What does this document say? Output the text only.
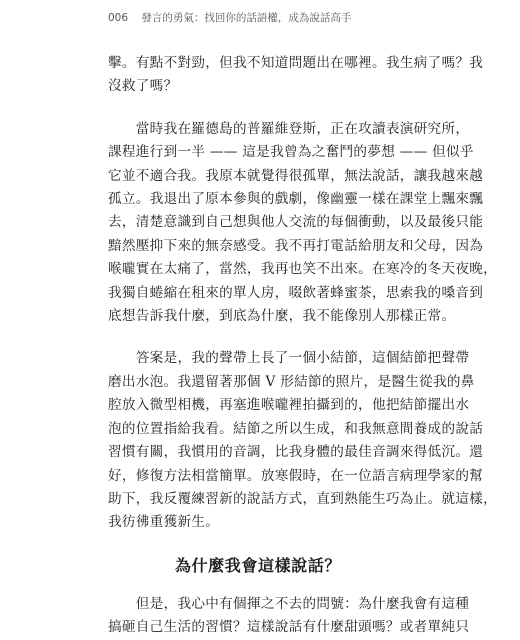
006 發言的勇氣：找回你的話語權，成為說話高手
擊。有點不對勁，但我不知道問題出在哪裡。我生病了嗎？我
沒救了嗎？
　　當時我在羅德島的普羅維登斯，正在攻讀表演研究所，
課程進行到一半 —— 這是我曾為之奮鬥的夢想 —— 但似乎
它並不適合我。我原本就覺得很孤單，無法說話，讓我越來越
孤立。我退出了原本參與的戲劇，像幽靈一樣在課堂上飄來飄
去，清楚意識到自己想與他人交流的每個衝動，以及最後只能
黯然壓抑下來的無奈感受。我不再打電話給朋友和父母，因為
喉嚨實在太痛了，當然，我再也笑不出來。在寒冷的冬天夜晚，
我獨自蜷縮在租來的單人房，啜飲著蜂蜜茶，思索我的嗓音到
底想告訴我什麼，到底為什麼，我不能像別人那樣正常。
　　答案是，我的聲帶上長了一個小結節，這個結節把聲帶
磨出水泡。我還留著那個 V 形結節的照片，是醫生從我的鼻
腔放入微型相機，再塞進喉嚨裡拍攝到的，他把結節擺出水
泡的位置指給我看。結節之所以生成，和我無意間養成的說話
習慣有關，我慣用的音調，比我身體的最佳音調來得低沉。還
好，修復方法相當簡單。放寒假時，在一位語言病理學家的幫
助下，我反覆練習新的說話方式，直到熟能生巧為止。就這樣，
我彷彿重獲新生。
為什麼我會這樣說話？
　　但是，我心中有個揮之不去的問號：為什麼我會有這種
搞砸自己生活的習慣？這樣說話有什麼甜頭嗎？或者單純只
